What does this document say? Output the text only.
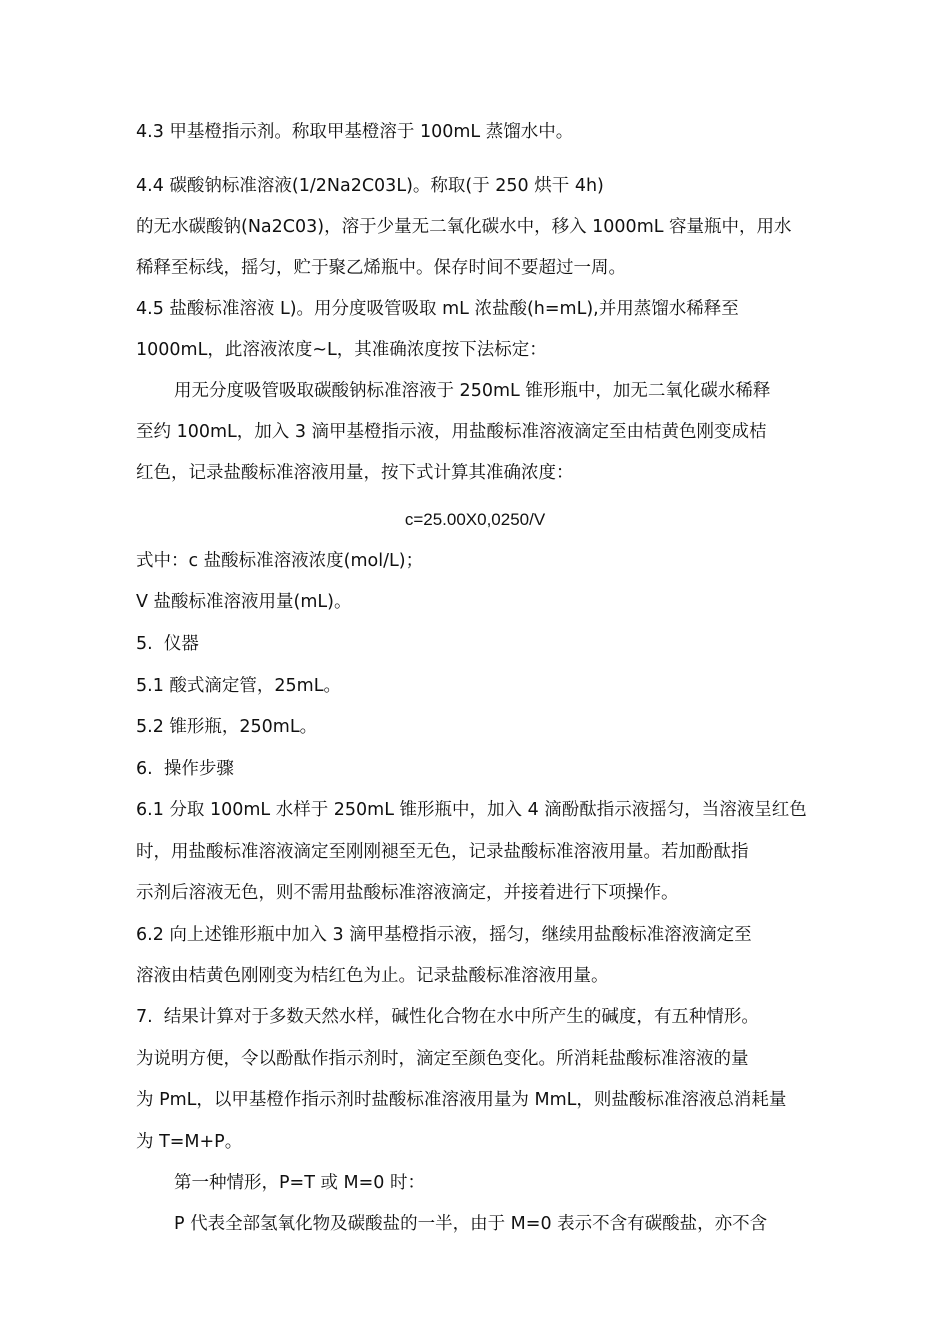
4.3 甲基橙指示剂。称取甲基橙溶于 100mL 蒸馏水中。
4.4 碳酸钠标准溶液(1/2Na2C03L)。称取(于 250 烘干 4h)
的无水碳酸钠(Na2C03)，溶于少量无二氧化碳水中，移入 1000mL 容量瓶中，用水
稀释至标线，摇匀，贮于聚乙烯瓶中。保存时间不要超过一周。
4.5 盐酸标准溶液 L)。用分度吸管吸取 mL 浓盐酸(h=mL),并用蒸馏水稀释至
1000mL，此溶液浓度~L，其准确浓度按下法标定：
用无分度吸管吸取碳酸钠标准溶液于 250mL 锥形瓶中，加无二氧化碳水稀释
至约 100mL，加入 3 滴甲基橙指示液，用盐酸标准溶液滴定至由桔黄色刚变成桔
红色，记录盐酸标准溶液用量，按下式计算其准确浓度：
c=25.00X0,0250/V
式中：c 盐酸标准溶液浓度(mol/L)；
V 盐酸标准溶液用量(mL)。
5.  仪器
5.1 酸式滴定管，25mL。
5.2 锥形瓶，250mL。
6.  操作步骤
6.1 分取 100mL 水样于 250mL 锥形瓶中，加入 4 滴酚酞指示液摇匀，当溶液呈红色
时，用盐酸标准溶液滴定至刚刚褪至无色，记录盐酸标准溶液用量。若加酚酞指
示剂后溶液无色，则不需用盐酸标准溶液滴定，并接着进行下项操作。
6.2 向上述锥形瓶中加入 3 滴甲基橙指示液，摇匀，继续用盐酸标准溶液滴定至
溶液由桔黄色刚刚变为桔红色为止。记录盐酸标准溶液用量。
7.  结果计算对于多数天然水样，碱性化合物在水中所产生的碱度，有五种情形。
为说明方便，令以酚酞作指示剂时，滴定至颜色变化。所消耗盐酸标准溶液的量
为 PmL，以甲基橙作指示剂时盐酸标准溶液用量为 MmL，则盐酸标准溶液总消耗量
为 T=M+P。
第一种情形，P=T 或 M=0 时：
P 代表全部氢氧化物及碳酸盐的一半，由于 M=0 表示不含有碳酸盐，亦不含
